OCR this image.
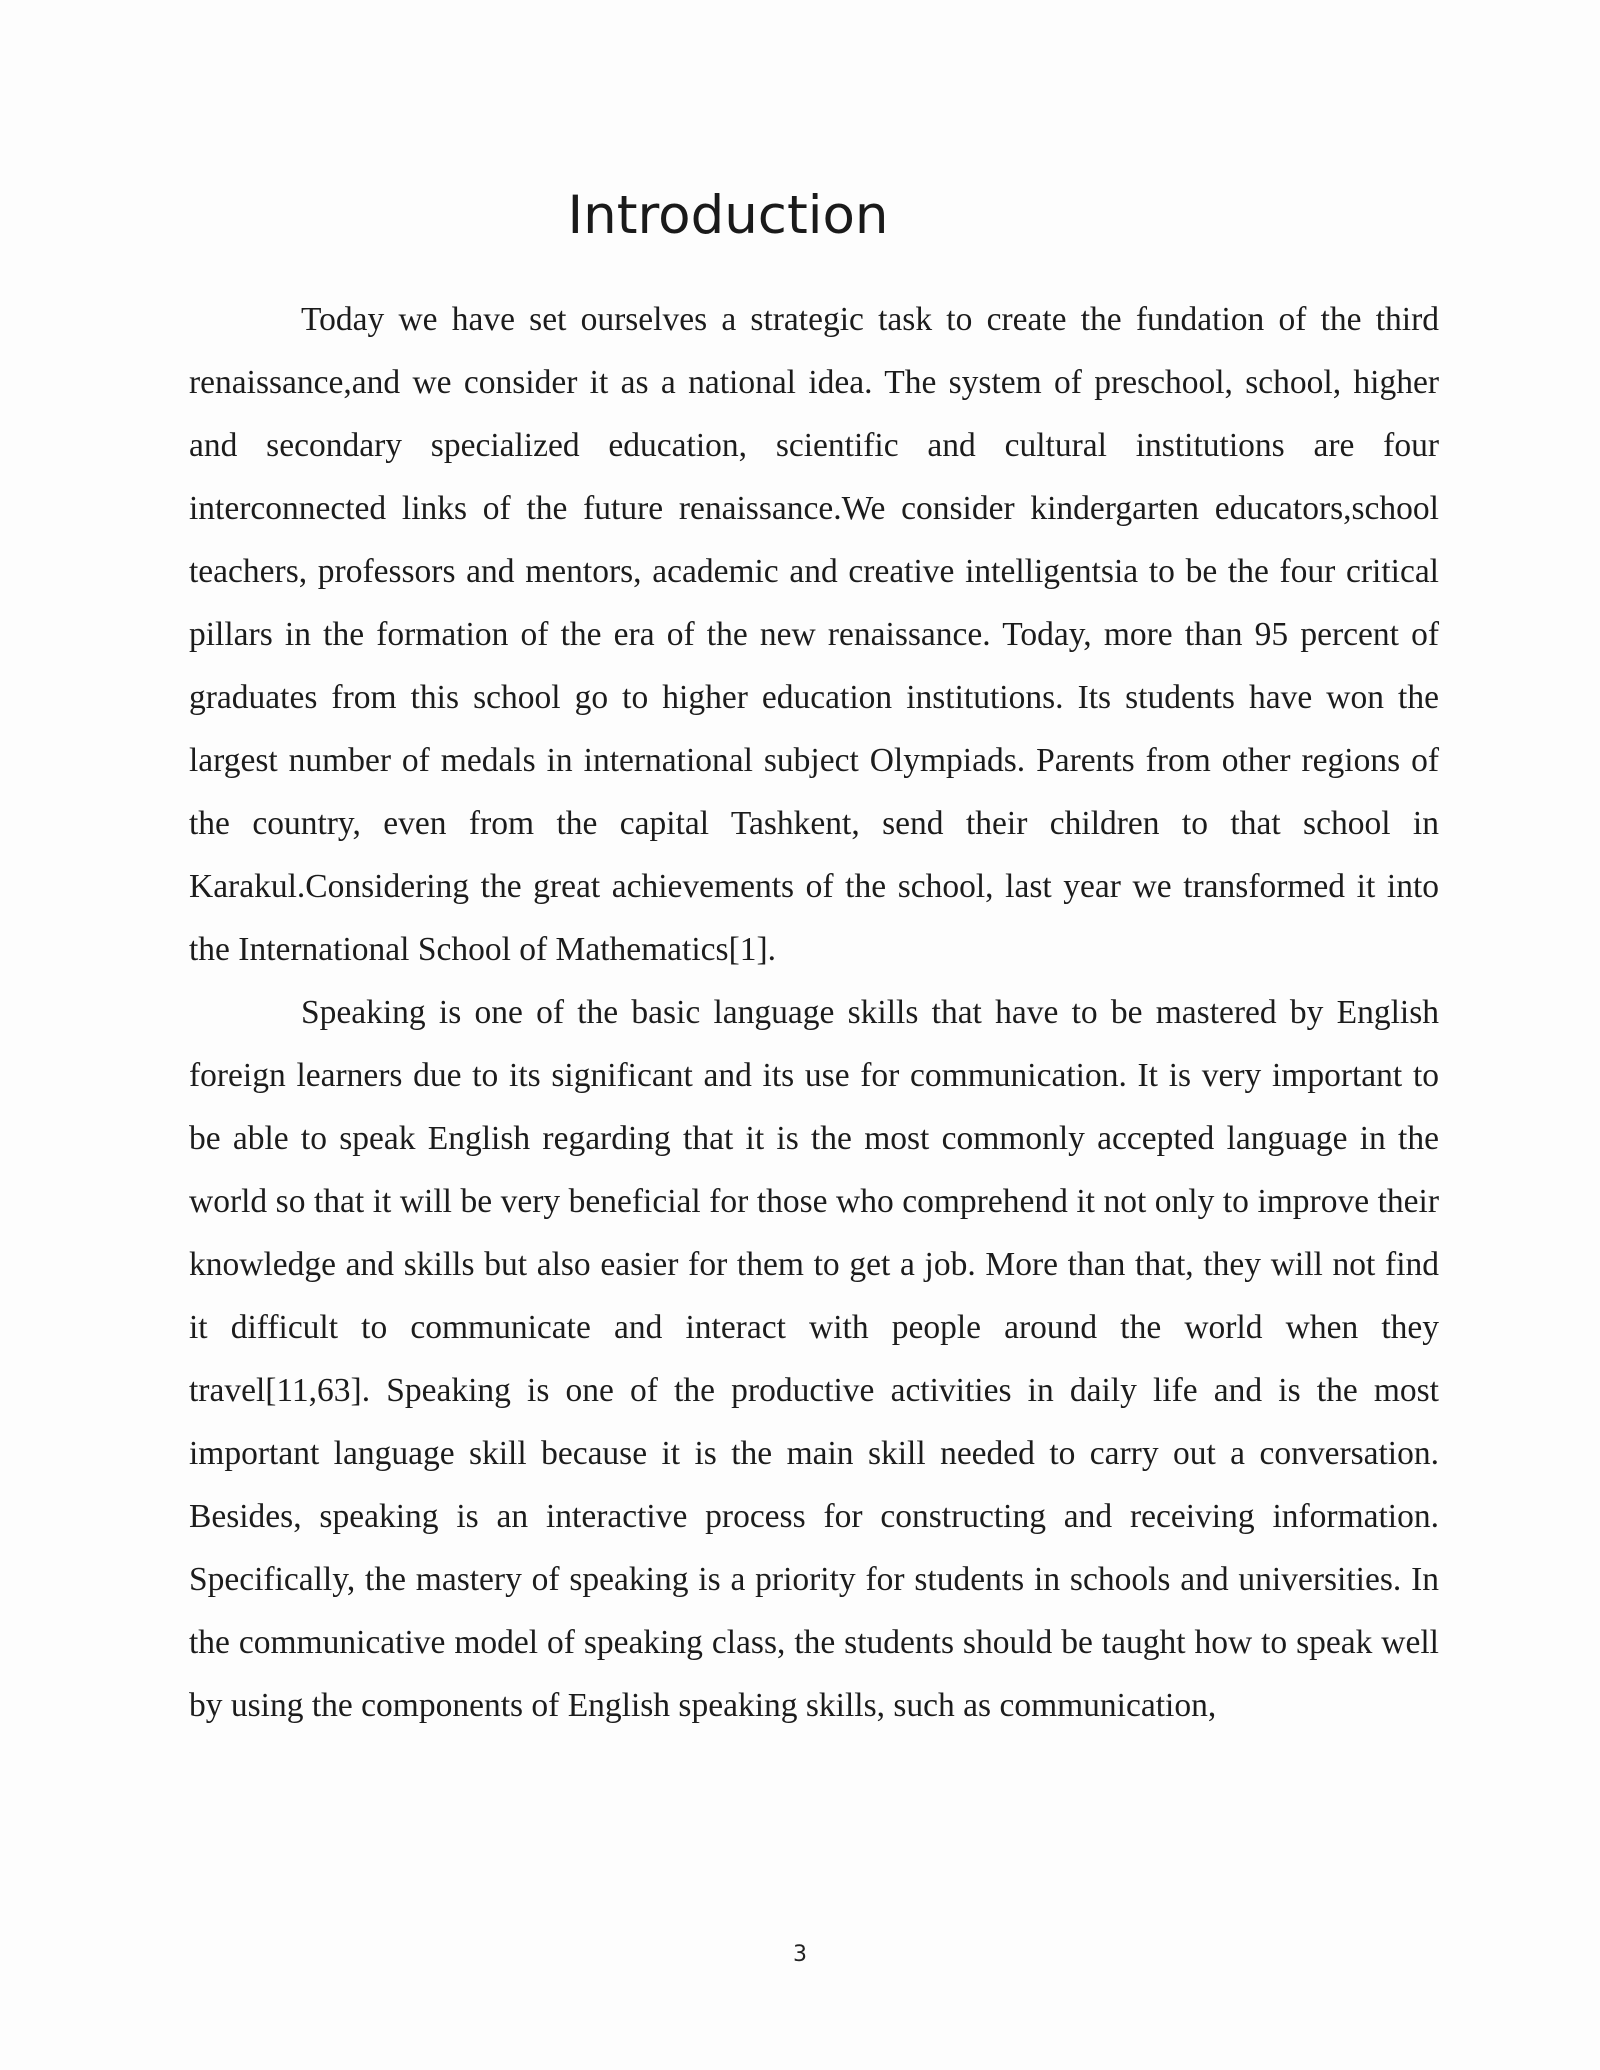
Introduction

Today we have set ourselves a strategic task to create the fundation of the third renaissance,and we consider it as a national idea. The system of preschool, school, higher and secondary specialized education, scientific and cultural institutions are four interconnected links of the future renaissance.We consider kindergarten educators,school teachers, professors and mentors, academic and creative intelligentsia to be the four critical pillars in the formation of the era of the new renaissance. Today, more than 95 percent of graduates from this school go to higher education institutions. Its students have won the largest number of medals in international subject Olympiads. Parents from other regions of the country, even from the capital Tashkent, send their children to that school in Karakul.Considering the great achievements of the school, last year we transformed it into the International School of Mathematics[1].

Speaking is one of the basic language skills that have to be mastered by English foreign learners due to its significant and its use for communication. It is very important to be able to speak English regarding that it is the most commonly accepted language in the world so that it will be very beneficial for those who comprehend it not only to improve their knowledge and skills but also easier for them to get a job. More than that, they will not find it difficult to communicate and interact with people around the world when they travel[11,63]. Speaking is one of the productive activities in daily life and is the most important language skill because it is the main skill needed to carry out a conversation. Besides, speaking is an interactive process for constructing and receiving information. Specifically, the mastery of speaking is a priority for students in schools and universities. In the communicative model of speaking class, the students should be taught how to speak well by using the components of English speaking skills, such as communication,

3
